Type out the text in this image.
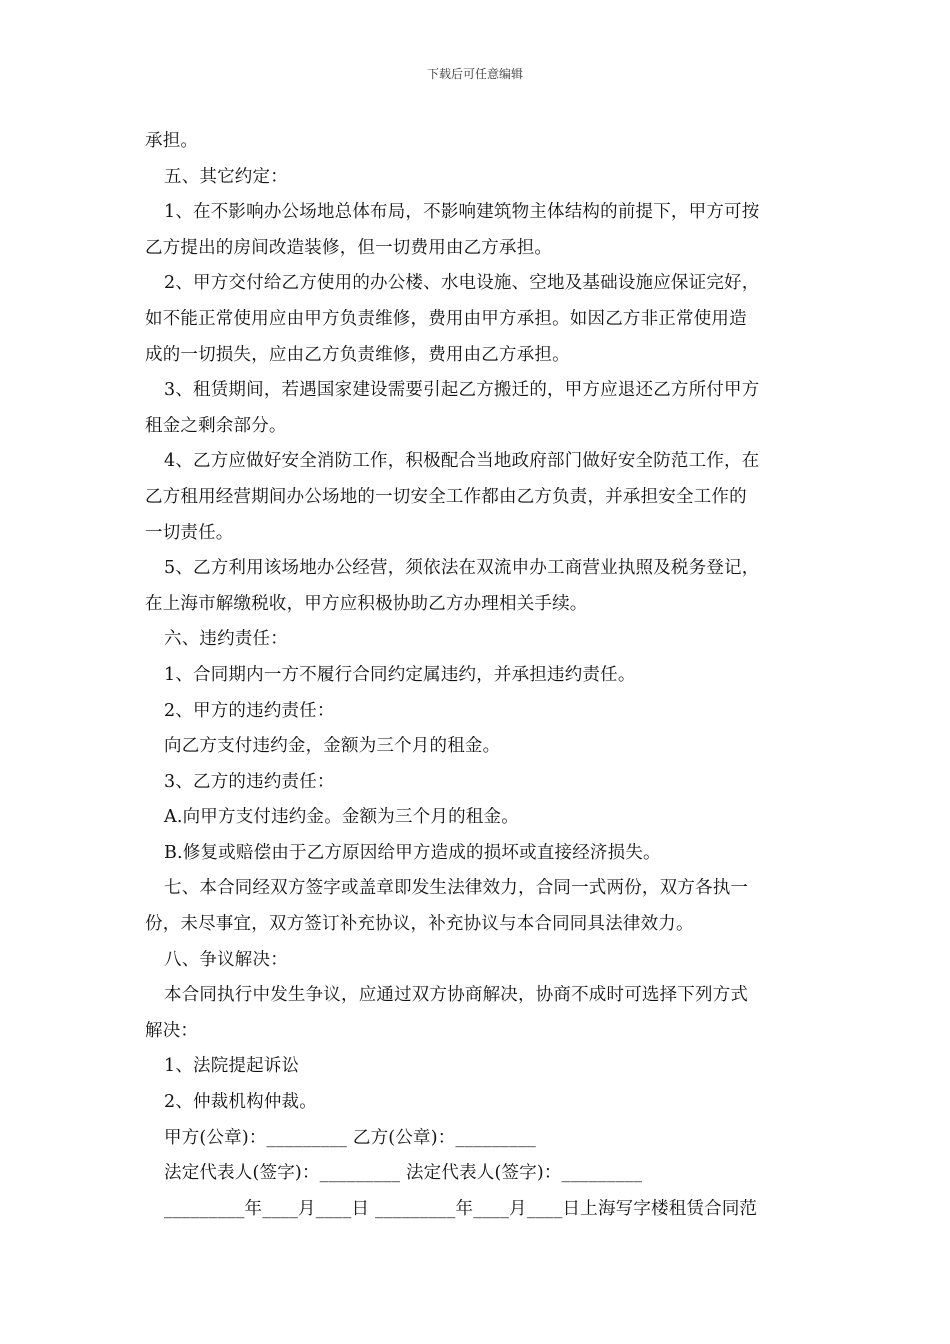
下载后可任意编辑
承担。
五、其它约定：
1、在不影响办公场地总体布局，不影响建筑物主体结构的前提下，甲方可按
乙方提出的房间改造装修，但一切费用由乙方承担。
2、甲方交付给乙方使用的办公楼、水电设施、空地及基础设施应保证完好，
如不能正常使用应由甲方负责维修，费用由甲方承担。如因乙方非正常使用造
成的一切损失，应由乙方负责维修，费用由乙方承担。
3、租赁期间，若遇国家建设需要引起乙方搬迁的，甲方应退还乙方所付甲方
租金之剩余部分。
4、乙方应做好安全消防工作，积极配合当地政府部门做好安全防范工作，在
乙方租用经营期间办公场地的一切安全工作都由乙方负责，并承担安全工作的
一切责任。
5、乙方利用该场地办公经营，须依法在双流申办工商营业执照及税务登记，
在上海市解缴税收，甲方应积极协助乙方办理相关手续。
六、违约责任：
1、合同期内一方不履行合同约定属违约，并承担违约责任。
2、甲方的违约责任：
向乙方支付违约金，金额为三个月的租金。
3、乙方的违约责任：
A.向甲方支付违约金。金额为三个月的租金。
B.修复或赔偿由于乙方原因给甲方造成的损坏或直接经济损失。
七、本合同经双方签字或盖章即发生法律效力，合同一式两份，双方各执一
份，未尽事宜，双方签订补充协议，补充协议与本合同同具法律效力。
八、争议解决：
本合同执行中发生争议，应通过双方协商解决，协商不成时可选择下列方式
解决：
1、法院提起诉讼
2、仲裁机构仲裁。
甲方(公章)：_________ 乙方(公章)：_________
法定代表人(签字)：_________ 法定代表人(签字)：_________
_________年____月____日 _________年____月____日上海写字楼租赁合同范
